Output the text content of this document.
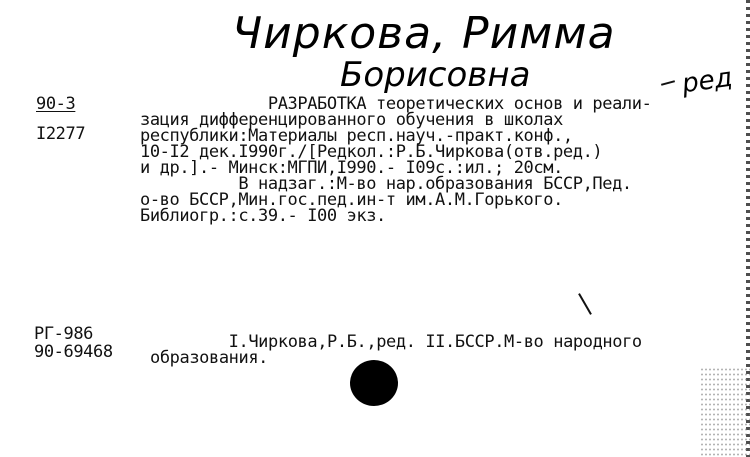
Чиркова, Римма
Борисовна	ред
90-3
I2277
РАЗРАБОТКА теоретических основ и реали-
зация дифференцированного обучения в школах
республики:Материалы респ.науч.-практ.конф.,
10-I2 дек.I990г./[Редкол.:Р.Б.Чиркова(отв.ред.)
и др.].- Минск:МГПИ,I990.- I09с.:ил.; 20см.
В надзаг.:М-во нар.образования БССР,Пед.
о-во БССР,Мин.гос.пед.ин-т им.А.М.Горького.
Библиогр.:с.39.- I00 экз.
РГ-986
90-69468	I.Чиркова,Р.Б.,ред. II.БССР.М-во народного
образования.
